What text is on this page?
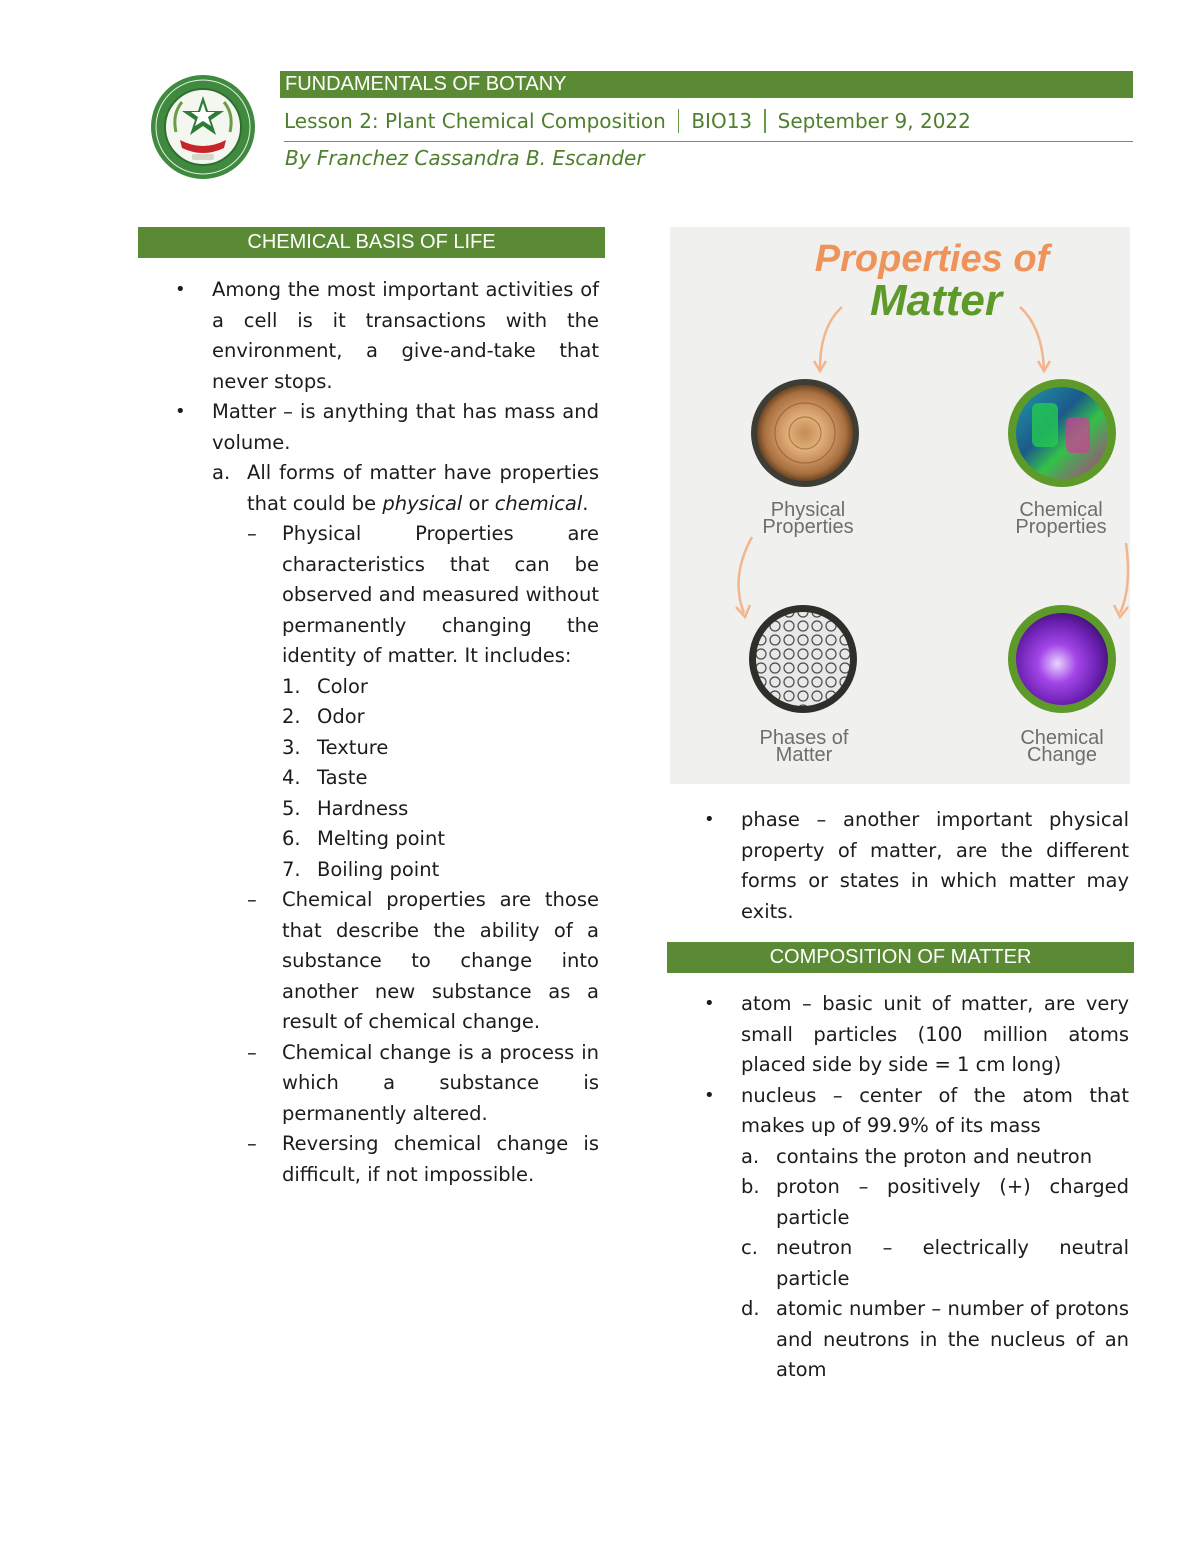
FUNDAMENTALS OF BOTANY
Lesson 2: Plant Chemical Composition BIO13 September 9, 2022
By Franchez Cassandra B. Escander
CHEMICAL BASIS OF LIFE

• Among the most important activities of a cell is it transactions with the environment, a give-and-take that never stops.

• Matter – is anything that has mass and volume.

a. All forms of matter have properties that could be physical or chemical.

– Physical Properties are characteristics that can be observed and measured without permanently changing the identity of matter. It includes:

1. Color

2. Odor

3. Texture

4. Taste

5. Hardness

6. Melting point

7. Boiling point

– Chemical properties are those that describe the ability of a substance to change into another new substance as a result of chemical change.

– Chemical change is a process in which a substance is permanently altered.

– Reversing chemical change is difficult, if not impossible.

Properties of
Matter
Physical
Properties
Chemical
Properties
Phases of
Matter
Chemical
Change

• phase – another important physical property of matter, are the different forms or states in which matter may exits.

COMPOSITION OF MATTER

• atom – basic unit of matter, are very small particles (100 million atoms placed side by side = 1 cm long)

• nucleus – center of the atom that makes up of 99.9% of its mass

a. contains the proton and neutron

b. proton – positively (+) charged particle

c. neutron – electrically neutral particle

d. atomic number – number of protons and neutrons in the nucleus of an atom
